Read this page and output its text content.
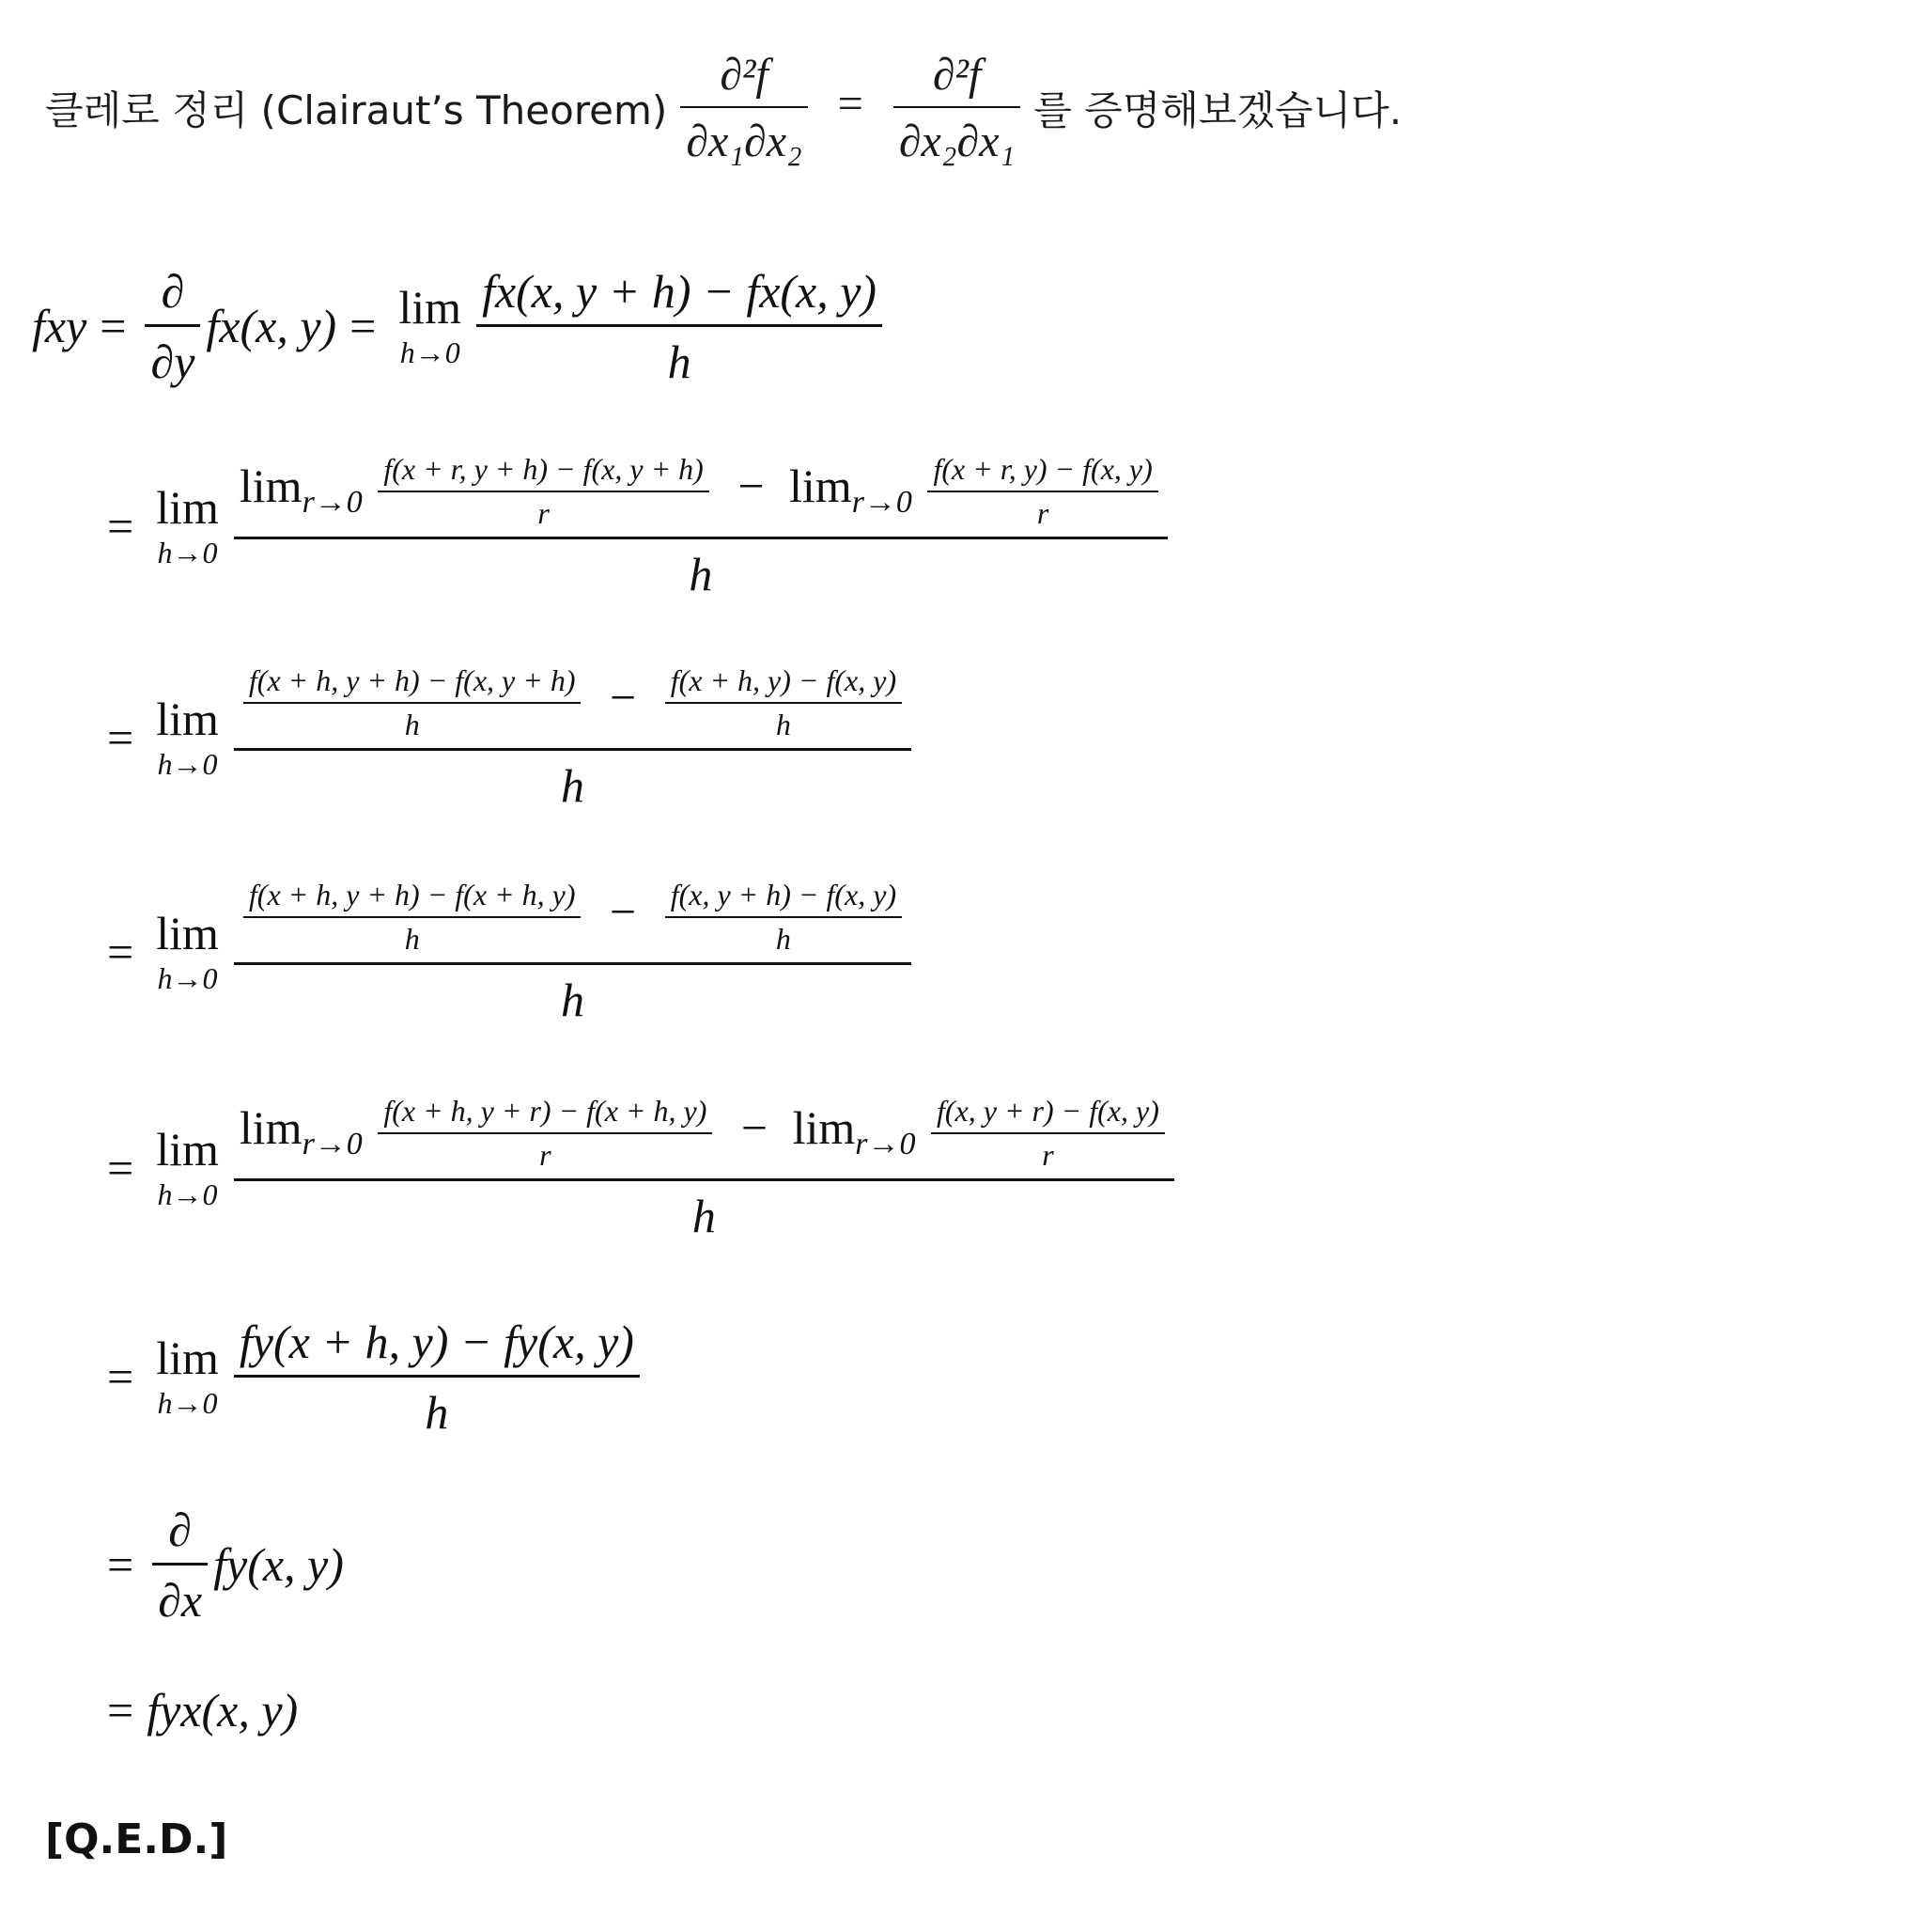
클레로 정리 (Clairaut’s Theorem) $\frac{\text{∂²f}}{\text{∂x₁∂x₂}} = \frac{\text{∂²f}}{\text{∂x₂∂x₁}}$ 를 증명해보겠습니다.
fxy = $\frac{\partial}{\partial y} fx(x$, y) = lim
$h\to 0 \frac{fx(x, y + h) - fx(x, y)}{h}$
= lim
h→0
$\lim_{r\to 0} \frac{f(x + r, y + h) - f(x, y + h)}{r} - \lim_{r\to 0} \frac{f(x + r, y) - f(x, y)}{r}$
h
= lim
h→0
$\frac{f(x + h, y + h) - f(x, y + h)}{h} - \frac{f(x + h, y) - f(x, y)}{h}$
h
= lim
h→0
$\frac{f(x + h, y + h) - f(x + h, y)}{h} - \frac{f(x, y + h) - f(x, y)}{h}$
h
= lim
h→0
$\lim_{r\to 0} \frac{f(x + h, y + r) - f(x + h, y)}{r} - \lim_{r\to 0} \frac{f(x, y + r) - f(x, y)}{r}$
h
= lim
$h\to 0 \frac{fy(x + h, y) - fy(x, y)}{h}$
= $\frac{\partial}{\partial x} fy(x$, y)
= fyx(x, y)
[Q.E.D.]
